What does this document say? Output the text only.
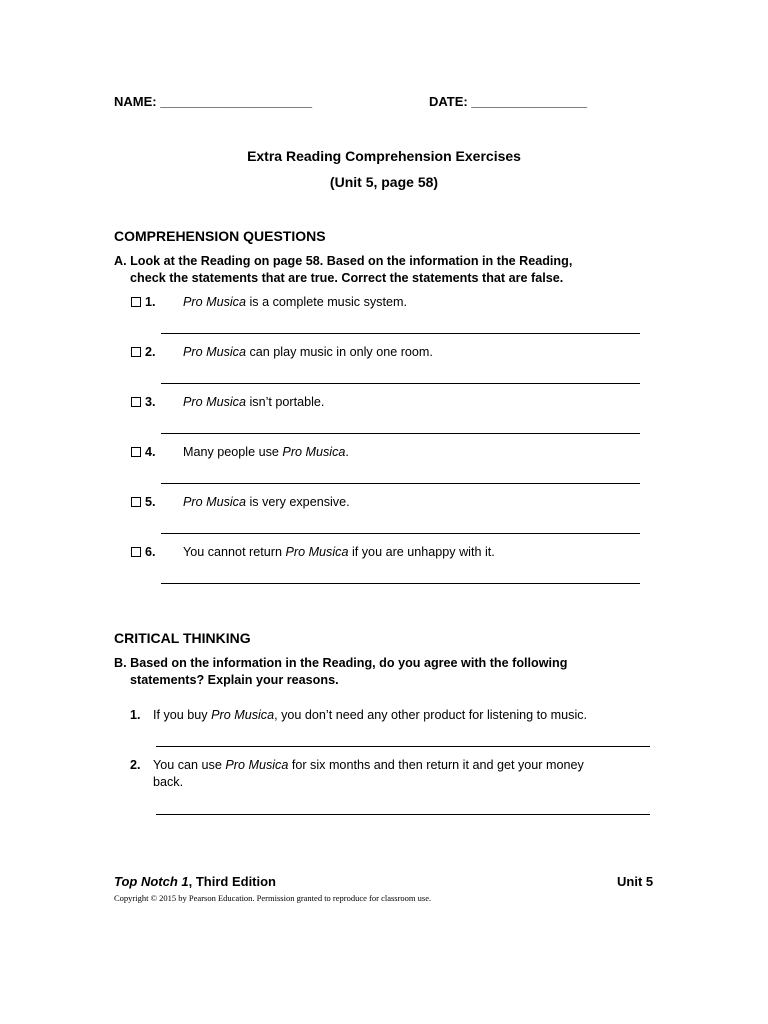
NAME: _____________________	DATE: ________________
Extra Reading Comprehension Exercises
(Unit 5, page 58)
COMPREHENSION QUESTIONS
A. Look at the Reading on page 58. Based on the information in the Reading,
check the statements that are true. Correct the statements that are false.
1. Pro Musica is a complete music system.
2. Pro Musica can play music in only one room.
3. Pro Musica isn’t portable.
4. Many people use Pro Musica.
5. Pro Musica is very expensive.
6. You cannot return Pro Musica if you are unhappy with it.
CRITICAL THINKING
B. Based on the information in the Reading, do you agree with the following
statements? Explain your reasons.
1. If you buy Pro Musica, you don’t need any other product for listening to music.
2. You can use Pro Musica for six months and then return it and get your money
back.
Top Notch 1, Third Edition	Unit 5
Copyright © 2015 by Pearson Education. Permission granted to reproduce for classroom use.
